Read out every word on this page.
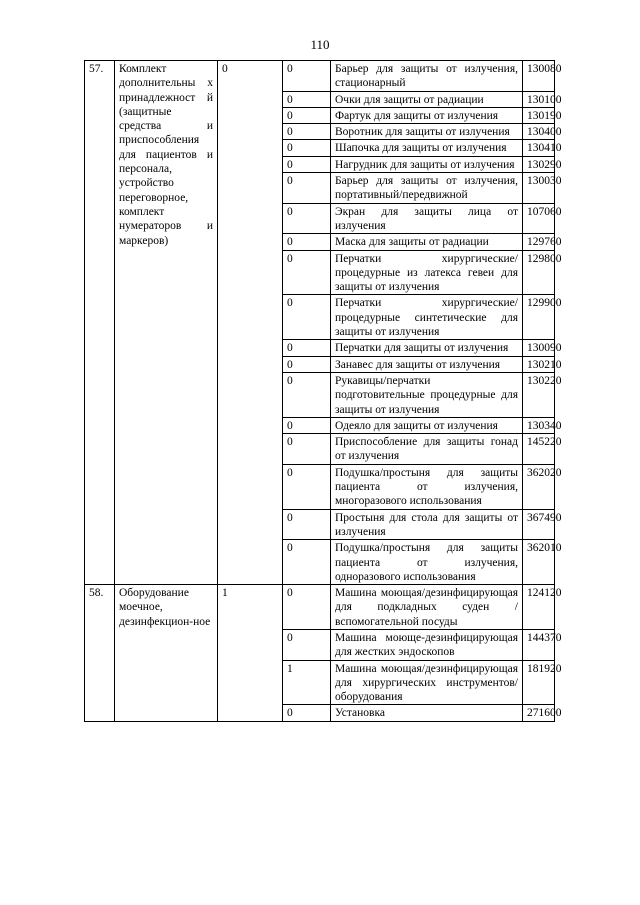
110
57.	Комплект дополнительны х принадлежност й (защитные средства и приспособления для пациентов и персонала, устройство переговорное, комплект нумераторов и маркеров)	0	0	Барьер для защиты от излучения, стационарный	130080
			0	Очки для защиты от радиации	130100
			0	Фартук для защиты от излучения	130190
			0	Воротник для защиты от излучения	130400
			0	Шапочка для защиты от излучения	130410
			0	Нагрудник для защиты от излучения	130290
			0	Барьер для защиты от излучения, портативный/передвижной	130030
			0	Экран для защиты лица от излучения	107060
			0	Маска для защиты от радиации	129760
			0	Перчатки хирургические/процедурные из латекса гевеи для защиты от излучения	129800
			0	Перчатки хирургические/процедурные синтетические для защиты от излучения	129900
			0	Перчатки для защиты от излучения	130090
			0	Занавес для защиты от излучения	130210
			0	Рукавицы/перчатки подготовительные процедурные для защиты от излучения	130220
			0	Одеяло для защиты от излучения	130340
			0	Приспособление для защиты гонад от излучения	145220
			0	Подушка/простыня для защиты пациента от излучения, многоразового использования	362020
			0	Простыня для стола для защиты от излучения	367490
			0	Подушка/простыня для защиты пациента от излучения, одноразового использования	362010
58.	Оборудование моечное, дезинфекцион-ное	1	0	Машина моющая/дезинфицирующая для подкладных суден / вспомогательной посуды	124120
			0	Машина моюще-дезинфицирующая для жестких эндоскопов	144370
			1	Машина моющая/дезинфицирующая для хирургических инструментов/оборудования	181920
			0	Установка	271600
